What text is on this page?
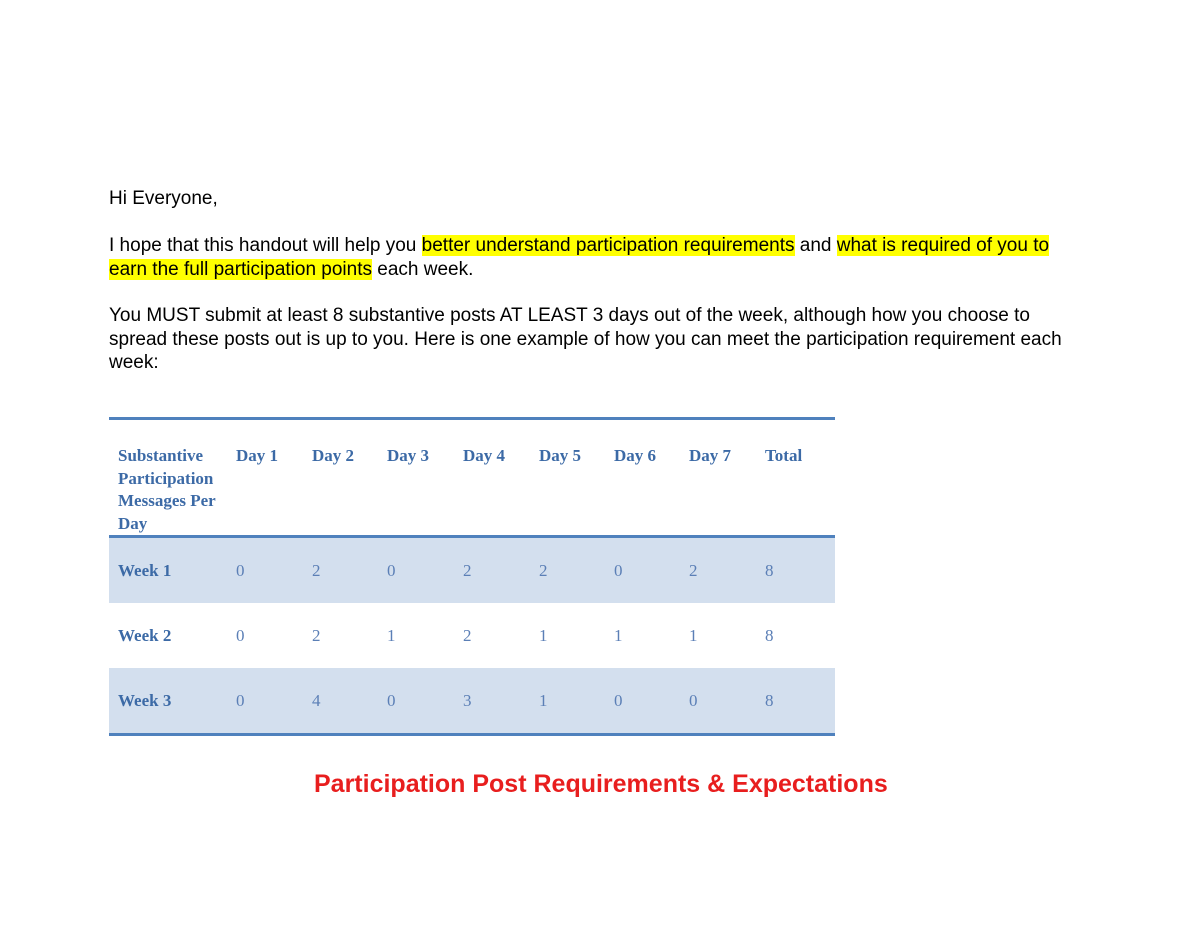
Hi Everyone,
I hope that this handout will help you better understand participation requirements and what is required of you to earn the full participation points each week.
You MUST submit at least 8 substantive posts AT LEAST 3 days out of the week, although how you choose to spread these posts out is up to you. Here is one example of how you can meet the participation requirement each week:
Substantive Participation Messages Per Day	Day 1	Day 2	Day 3	Day 4	Day 5	Day 6	Day 7	Total
Week 1	0	2	0	2	2	0	2	8
Week 2	0	2	1	2	1	1	1	8
Week 3	0	4	0	3	1	0	0	8
Participation Post Requirements & Expectations
